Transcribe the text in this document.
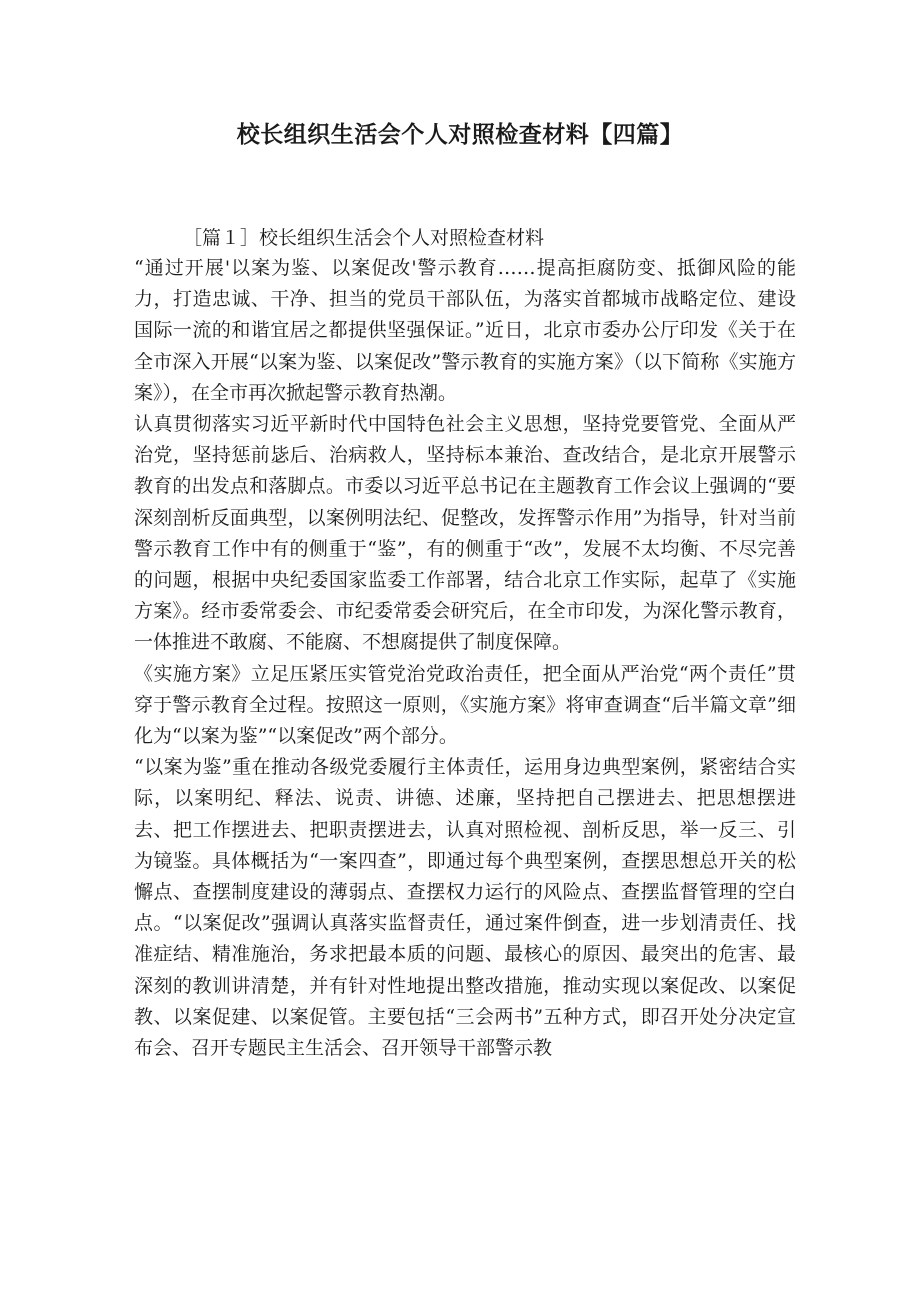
校长组织生活会个人对照检查材料【四篇】
［篇１］校长组织生活会个人对照检查材料

“通过开展'以案为鉴、以案促改'警示教育……提高拒腐防变、抵御风险的能力，打造忠诚、干净、担当的党员干部队伍，为落实首都城市战略定位、建设国际一流的和谐宜居之都提供坚强保证。”近日，北京市委办公厅印发《关于在全市深入开展“以案为鉴、以案促改”警示教育的实施方案》（以下简称《实施方案》），在全市再次掀起警示教育热潮。

认真贯彻落实习近平新时代中国特色社会主义思想，坚持党要管党、全面从严治党，坚持惩前毖后、治病救人，坚持标本兼治、查改结合，是北京开展警示教育的出发点和落脚点。市委以习近平总书记在主题教育工作会议上强调的“要深刻剖析反面典型，以案例明法纪、促整改，发挥警示作用”为指导，针对当前警示教育工作中有的侧重于“鉴”，有的侧重于“改”，发展不太均衡、不尽完善的问题，根据中央纪委国家监委工作部署，结合北京工作实际，起草了《实施方案》。经市委常委会、市纪委常委会研究后，在全市印发，为深化警示教育，一体推进不敢腐、不能腐、不想腐提供了制度保障。

《实施方案》立足压紧压实管党治党政治责任，把全面从严治党“两个责任”贯穿于警示教育全过程。按照这一原则，《实施方案》将审查调查“后半篇文章”细化为“以案为鉴”“以案促改”两个部分。

“以案为鉴”重在推动各级党委履行主体责任，运用身边典型案例，紧密结合实际，以案明纪、释法、说责、讲德、述廉，坚持把自己摆进去、把思想摆进去、把工作摆进去、把职责摆进去，认真对照检视、剖析反思，举一反三、引为镜鉴。具体概括为“一案四查”，即通过每个典型案例，查摆思想总开关的松懈点、查摆制度建设的薄弱点、查摆权力运行的风险点、查摆监督管理的空白点。“以案促改”强调认真落实监督责任，通过案件倒查，进一步划清责任、找准症结、精准施治，务求把最本质的问题、最核心的原因、最突出的危害、最深刻的教训讲清楚，并有针对性地提出整改措施，推动实现以案促改、以案促教、以案促建、以案促管。主要包括“三会两书”五种方式，即召开处分决定宣布会、召开专题民主生活会、召开领导干部警示教
